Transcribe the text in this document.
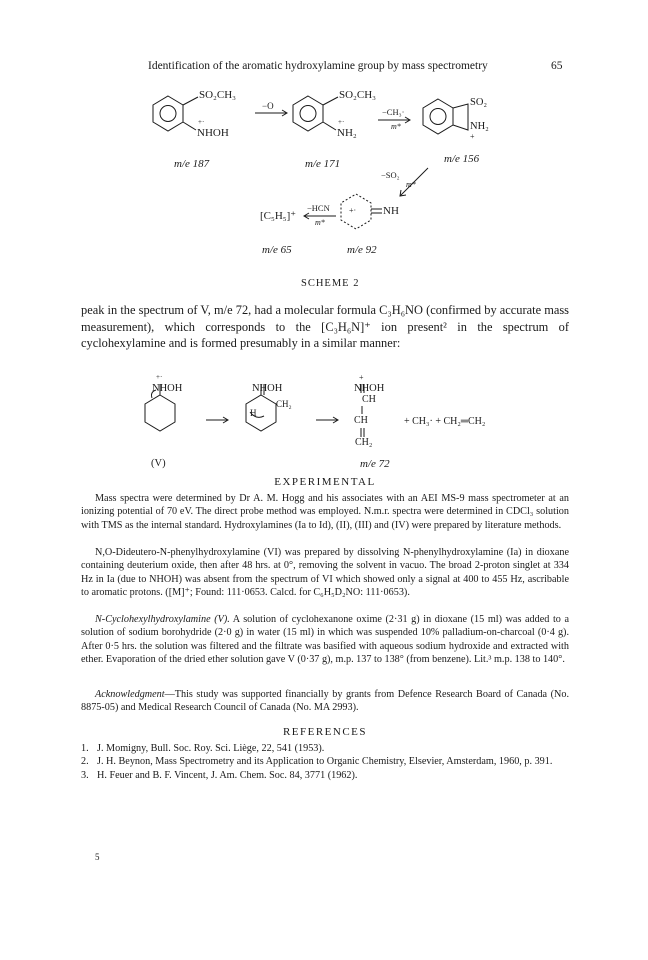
Identification of the aromatic hydroxylamine group by mass spectrometry	65
SO₂CH₃
NHOH
+·
−O
SO₂CH₃
NH₂
+·
−CH₃·
m*
SO₂
NH₂
+
−SO₂
m*
NH
+·
−HCN
m*
[C₅H₅]⁺
m/e 187	m/e 171	m/e 156
m/e 65	m/e 92
SCHEME 2
peak in the spectrum of V, m/e 72, had a molecular formula C₃H₆NO (confirmed by accurate mass measurement), which corresponds to the [C₃H₆N]⁺ ion present² in the spectrum of cyclohexylamine and is formed presumably in a similar manner:
NHOH
+·
NHOH
H
CH₂
NHOH
+
CH
CH
CH₂
+ CH₃· + CH₂═CH₂
(V)	m/e 72
EXPERIMENTAL
Mass spectra were determined by Dr A. M. Hogg and his associates with an AEI MS-9 mass spectrometer at an ionizing potential of 70 eV. The direct probe method was employed. N.m.r. spectra were determined in CDCl₃ solution with TMS as the internal standard. Hydroxylamines (Ia to Id), (II), (III) and (IV) were prepared by literature methods.
N,O-Dideutero-N-phenylhydroxylamine (VI) was prepared by dissolving N-phenylhydroxylamine (Ia) in dioxane containing deuterium oxide, then after 48 hrs. at 0°, removing the solvent in vacuo. The broad 2-proton singlet at 334 Hz in Ia (due to NHOH) was absent from the spectrum of VI which showed only a signal at 400 to 455 Hz, ascribable to aromatic protons. ([M]⁺; Found: 111·0653. Calcd. for C₆H₅D₂NO: 111·0653).
N-Cyclohexylhydroxylamine (V). A solution of cyclohexanone oxime (2·31 g) in dioxane (15 ml) was added to a solution of sodium borohydride (2·0 g) in water (15 ml) in which was suspended 10% palladium-on-charcoal (0·4 g). After 0·5 hrs. the solution was filtered and the filtrate was basified with aqueous sodium hydroxide and extracted with ether. Evaporation of the dried ether solution gave V (0·37 g), m.p. 137 to 138° (from benzene). Lit.³ m.p. 138 to 140°.
Acknowledgment—This study was supported financially by grants from Defence Research Board of Canada (No. 8875-05) and Medical Research Council of Canada (No. MA 2993).
REFERENCES
1. J. Momigny, Bull. Soc. Roy. Sci. Liège, 22, 541 (1953).
2. J. H. Beynon, Mass Spectrometry and its Application to Organic Chemistry, Elsevier, Amsterdam, 1960, p. 391.
3. H. Feuer and B. F. Vincent, J. Am. Chem. Soc. 84, 3771 (1962).
5
